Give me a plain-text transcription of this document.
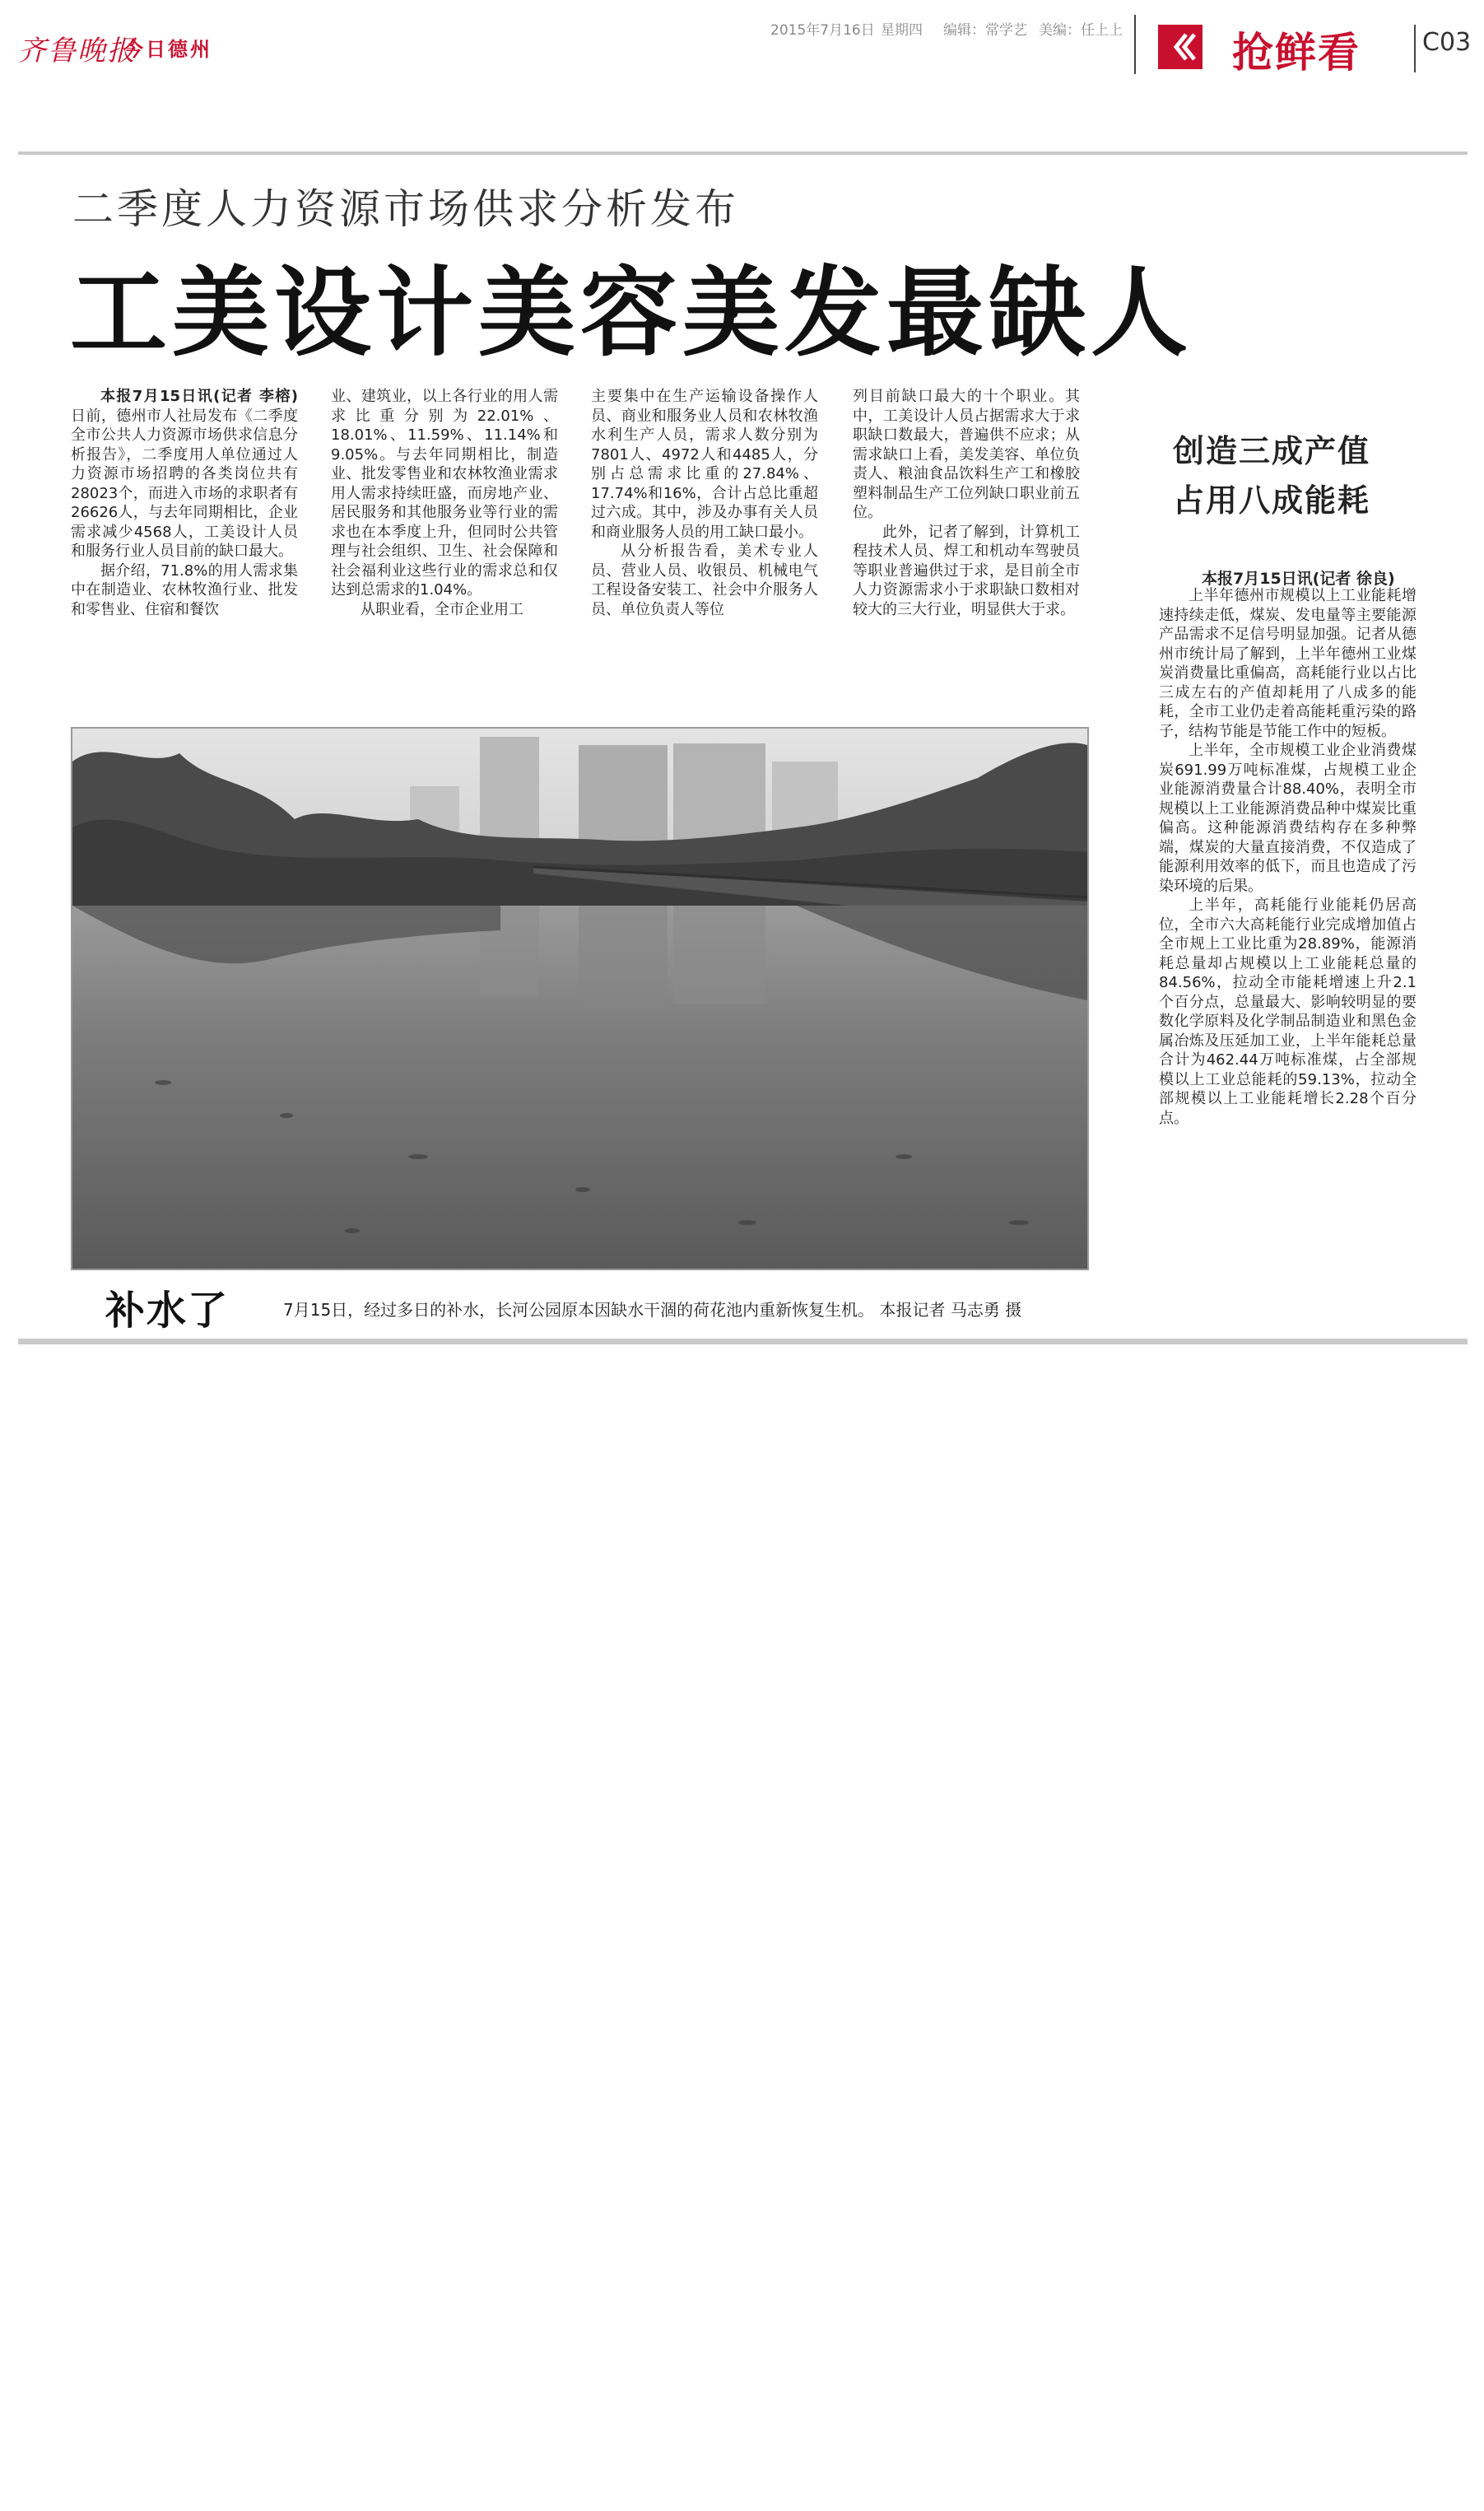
齐鲁晚报
今日德州
2015年7月16日 星期四 编辑：常学艺 美编：任上上	抢鲜看	C03
二季度人力资源市场供求分析发布
工美设计美容美发最缺人

本报7月15日讯(记者 李榕)日前，德州市人社局发布《二季度全市公共人力资源市场供求信息分析报告》，二季度用人单位通过人力资源市场招聘的各类岗位共有28023个，而进入市场的求职者有26626人，与去年同期相比，企业需求减少4568人，工美设计人员和服务行业人员目前的缺口最大。

据介绍，71.8%的用人需求集中在制造业、农林牧渔行业、批发和零售业、住宿和餐饮

业、建筑业，以上各行业的用人需求比重分别为22.01%、18.01%、11.59%、11.14%和9.05%。与去年同期相比，制造业、批发零售业和农林牧渔业需求用人需求持续旺盛，而房地产业、居民服务和其他服务业等行业的需求也在本季度上升，但同时公共管理与社会组织、卫生、社会保障和社会福利业这些行业的需求总和仅达到总需求的1.04%。

从职业看，全市企业用工

主要集中在生产运输设备操作人员、商业和服务业人员和农林牧渔水利生产人员，需求人数分别为7801人、4972人和4485人，分别占总需求比重的27.84%、17.74%和16%，合计占总比重超过六成。其中，涉及办事有关人员和商业服务人员的用工缺口最小。

从分析报告看，美术专业人员、营业人员、收银员、机械电气工程设备安装工、社会中介服务人员、单位负责人等位

列目前缺口最大的十个职业。其中，工美设计人员占据需求大于求职缺口数最大，普遍供不应求；从需求缺口上看，美发美容、单位负责人、粮油食品饮料生产工和橡胶塑料制品生产工位列缺口职业前五位。

此外，记者了解到，计算机工程技术人员、焊工和机动车驾驶员等职业普遍供过于求，是目前全市人力资源需求小于求职缺口数相对较大的三大行业，明显供大于求。

创造三成产值
占用八成能耗
本报7月15日讯(记者 徐良)

上半年德州市规模以上工业能耗增速持续走低，煤炭、发电量等主要能源产品需求不足信号明显加强。记者从德州市统计局了解到，上半年德州工业煤炭消费量比重偏高，高耗能行业以占比三成左右的产值却耗用了八成多的能耗，全市工业仍走着高能耗重污染的路子，结构节能是节能工作中的短板。

上半年，全市规模工业企业消费煤炭691.99万吨标准煤，占规模工业企业能源消费量合计88.40%，表明全市规模以上工业能源消费品种中煤炭比重偏高。这种能源消费结构存在多种弊端，煤炭的大量直接消费，不仅造成了能源利用效率的低下，而且也造成了污染环境的后果。

上半年，高耗能行业能耗仍居高位，全市六大高耗能行业完成增加值占全市规上工业比重为28.89%，能源消耗总量却占规模以上工业能耗总量的84.56%，拉动全市能耗增速上升2.1个百分点，总量最大、影响较明显的要数化学原料及化学制品制造业和黑色金属冶炼及压延加工业，上半年能耗总量合计为462.44万吨标准煤，占全部规模以上工业总能耗的59.13%，拉动全部规模以上工业能耗增长2.28个百分点。

补水了	7月15日，经过多日的补水，长河公园原本因缺水干涸的荷花池内重新恢复生机。 本报记者 马志勇 摄
